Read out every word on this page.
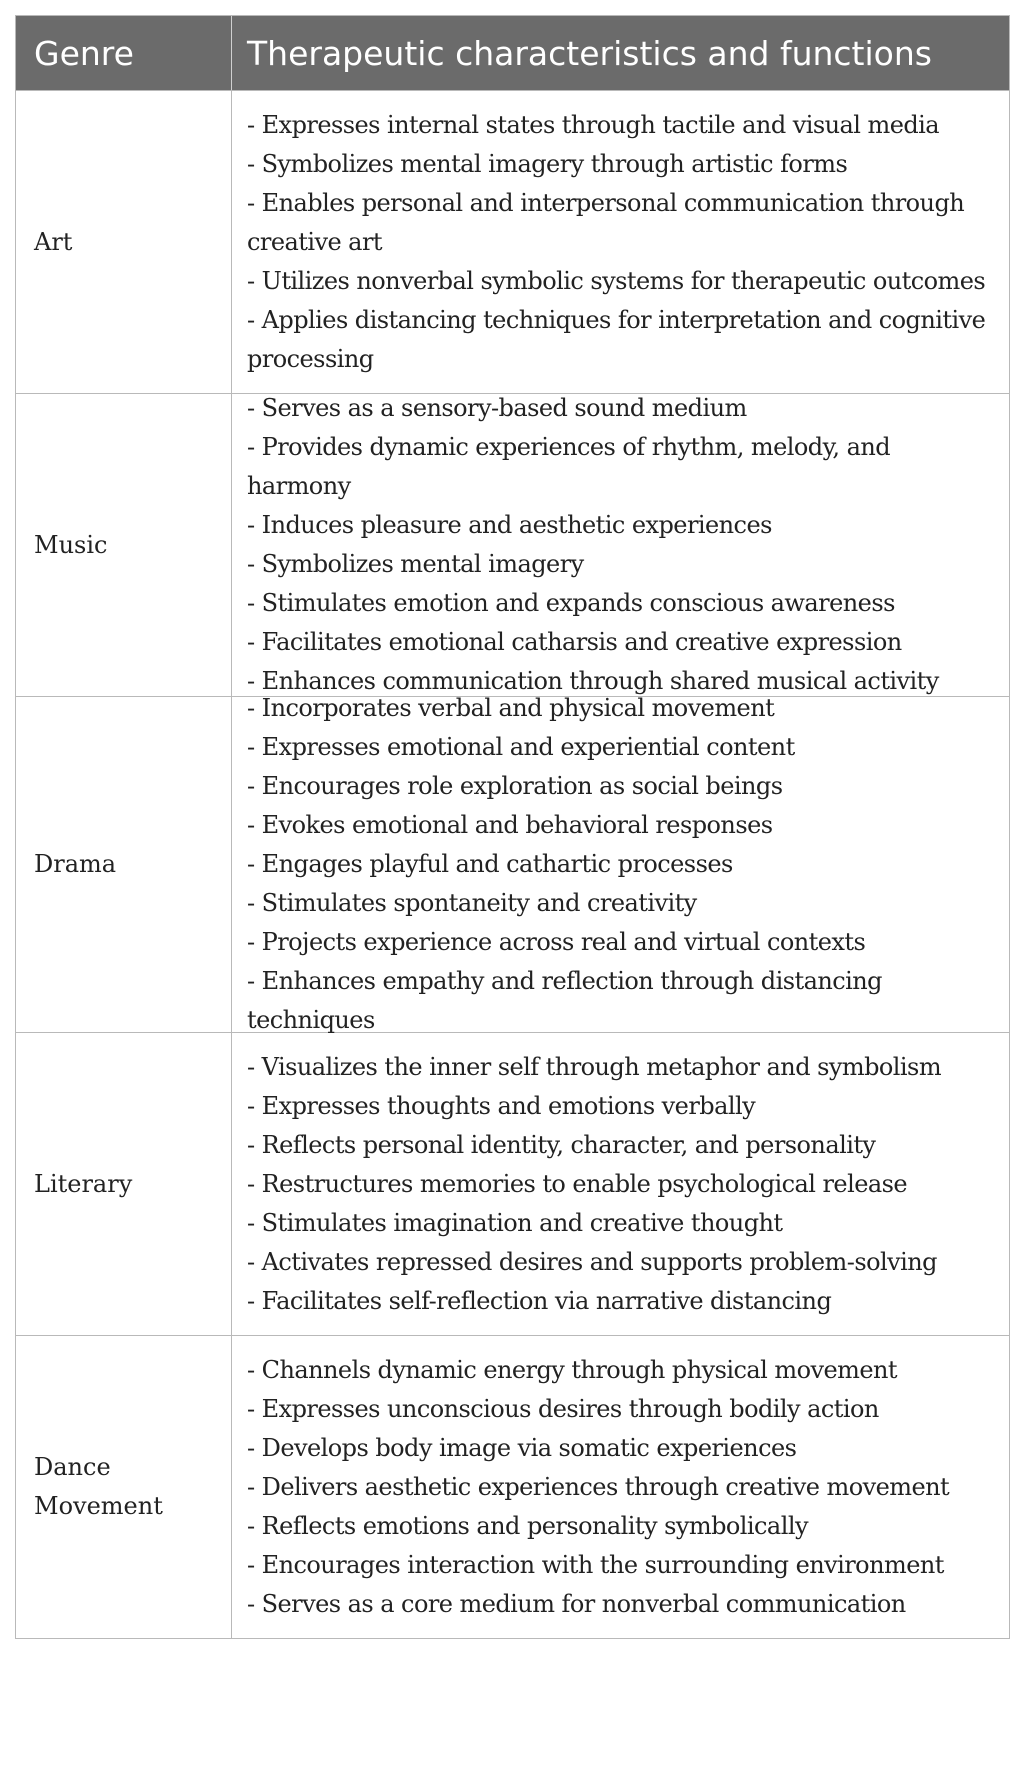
Genre	Therapeutic characteristics and functions
Art
- Expresses internal states through tactile and visual media
- Symbolizes mental imagery through artistic forms
- Enables personal and interpersonal communication through creative art
- Utilizes nonverbal symbolic systems for therapeutic outcomes
- Applies distancing techniques for interpretation and cognitive processing
Music
- Serves as a sensory-based sound medium
- Provides dynamic experiences of rhythm, melody, and harmony
- Induces pleasure and aesthetic experiences
- Symbolizes mental imagery
- Stimulates emotion and expands conscious awareness
- Facilitates emotional catharsis and creative expression
- Enhances communication through shared musical activity
Drama
- Incorporates verbal and physical movement
- Expresses emotional and experiential content
- Encourages role exploration as social beings
- Evokes emotional and behavioral responses
- Engages playful and cathartic processes
- Stimulates spontaneity and creativity
- Projects experience across real and virtual contexts
- Enhances empathy and reflection through distancing techniques
Literary
- Visualizes the inner self through metaphor and symbolism
- Expresses thoughts and emotions verbally
- Reflects personal identity, character, and personality
- Restructures memories to enable psychological release
- Stimulates imagination and creative thought
- Activates repressed desires and supports problem-solving
- Facilitates self-reflection via narrative distancing
Dance Movement
- Channels dynamic energy through physical movement
- Expresses unconscious desires through bodily action
- Develops body image via somatic experiences
- Delivers aesthetic experiences through creative movement
- Reflects emotions and personality symbolically
- Encourages interaction with the surrounding environment
- Serves as a core medium for nonverbal communication
